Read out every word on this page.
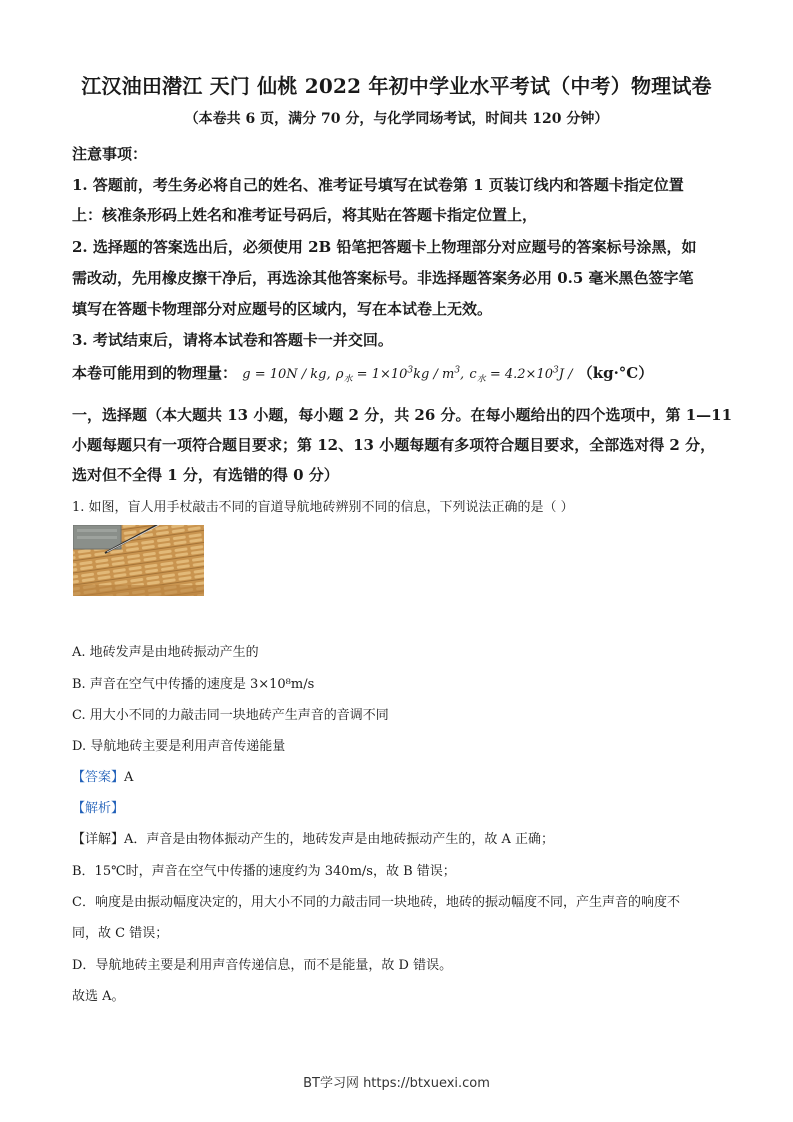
江汉油田潜江 天门 仙桃 2022 年初中学业水平考试（中考）物理试卷
（本卷共 6 页，满分 70 分，与化学同场考试，时间共 120 分钟）
注意事项：
1. 答题前，考生务必将自己的姓名、准考证号填写在试卷第 1 页装订线内和答题卡指定位置
上：核准条形码上姓名和准考证号码后，将其贴在答题卡指定位置上，
2. 选择题的答案选出后，必须使用 2B 铅笔把答题卡上物理部分对应题号的答案标号涂黑，如
需改动，先用橡皮擦干净后，再选涂其他答案标号。非选择题答案务必用 0.5 毫米黑色签字笔
填写在答题卡物理部分对应题号的区域内，写在本试卷上无效。
3. 考试结束后，请将本试卷和答题卡一并交回。
本卷可能用到的物理量： g = 10N / kg, $\rho_水 = 1\times 10^3kg / m^3$, $c_水 = 4.2\times 10^3J / (kg\cdot^\circ C)$
一，选择题（本大题共 13 小题，每小题 2 分，共 26 分。在每小题给出的四个选项中，第 1—11
小题每题只有一项符合题目要求；第 12、13 小题每题有多项符合题目要求，全部选对得 2 分，
选对但不全得 1 分，有选错的得 0 分）
1. 如图，盲人用手杖敲击不同的盲道导航地砖辨别不同的信息，下列说法正确的是（ ）
A. 地砖发声是由地砖振动产生的
B. 声音在空气中传播的速度是 3×10⁸m/s
C. 用大小不同的力敲击同一块地砖产生声音的音调不同
D. 导航地砖主要是利用声音传递能量
【答案】A
【解析】
【详解】A．声音是由物体振动产生的，地砖发声是由地砖振动产生的，故 A 正确；
B．15℃时，声音在空气中传播的速度约为 340m/s，故 B 错误；
C．响度是由振动幅度决定的，用大小不同的力敲击同一块地砖，地砖的振动幅度不同，产生声音的响度不
同，故 C 错误；
D．导航地砖主要是利用声音传递信息，而不是能量，故 D 错误。
故选 A。
BT学习网 https://btxuexi.com
